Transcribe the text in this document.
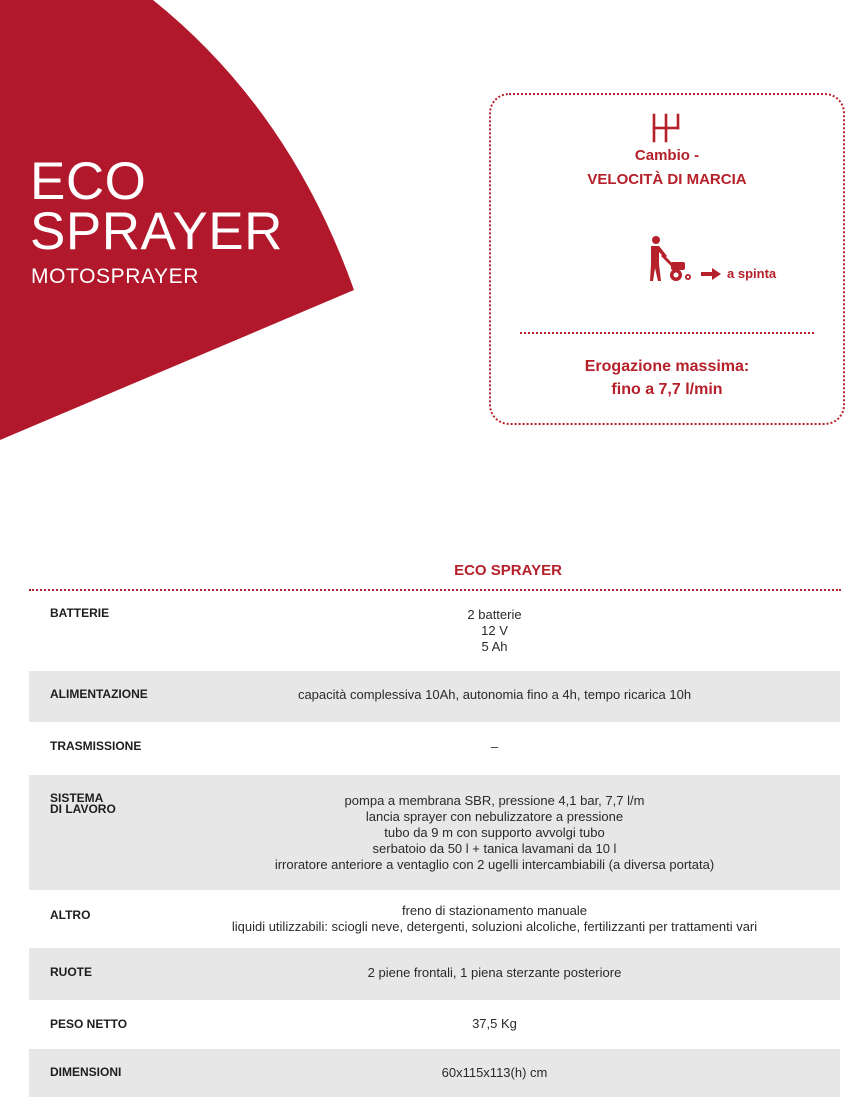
ECO
SPRAYER
MOTOSPRAYER
Cambio -
VELOCITÀ DI MARCIA
a spinta
Erogazione massima:
fino a 7,7 l/min
ECO SPRAYER
BATTERIE	2 batterie
12 V
5 Ah
ALIMENTAZIONE	capacità complessiva 10Ah, autonomia fino a 4h, tempo ricarica 10h
TRASMISSIONE	–
SISTEMA
DI LAVORO
pompa a membrana SBR, pressione 4,1 bar, 7,7 l/m
lancia sprayer con nebulizzatore a pressione
tubo da 9 m con supporto avvolgi tubo
serbatoio da 50 l + tanica lavamani da 10 l
irroratore anteriore a ventaglio con 2 ugelli intercambiabili (a diversa portata)
ALTRO	freno di stazionamento manuale
liquidi utilizzabili: sciogli neve, detergenti, soluzioni alcoliche, fertilizzanti per trattamenti vari
RUOTE	2 piene frontali, 1 piena sterzante posteriore
PESO NETTO	37,5 Kg
DIMENSIONI	60x115x113(h) cm
